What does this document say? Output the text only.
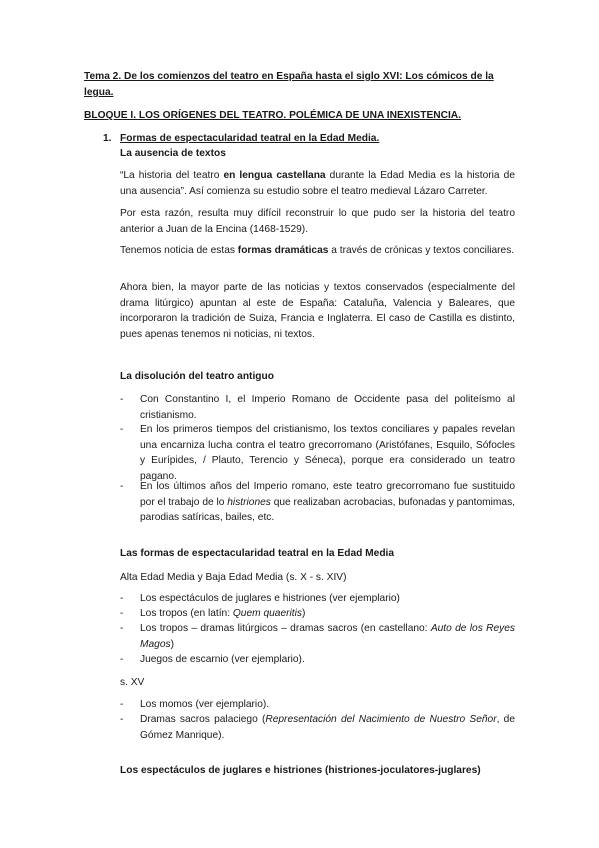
Tema 2. De los comienzos del teatro en España hasta el siglo XVI: Los cómicos de la
legua.
BLOQUE I. LOS ORÍGENES DEL TEATRO. POLÉMICA DE UNA INEXISTENCIA.
1. Formas de espectacularidad teatral en la Edad Media.
La ausencia de textos
“La historia del teatro en lengua castellana durante la Edad Media es la historia de una ausencia”. Así comienza su estudio sobre el teatro medieval Lázaro Carreter.
Por esta razón, resulta muy difícil reconstruir lo que pudo ser la historia del teatro anterior a Juan de la Encina (1468-1529).
Tenemos noticia de estas formas dramáticas a través de crónicas y textos conciliares.
Ahora bien, la mayor parte de las noticias y textos conservados (especialmente del drama litúrgico) apuntan al este de España: Cataluña, Valencia y Baleares, que incorporaron la tradición de Suiza, Francia e Inglaterra. El caso de Castilla es distinto, pues apenas tenemos ni noticias, ni textos.
La disolución del teatro antiguo
- Con Constantino I, el Imperio Romano de Occidente pasa del politeísmo al cristianismo.
- En los primeros tiempos del cristianismo, los textos conciliares y papales revelan una encarniza lucha contra el teatro grecorromano (Aristófanes, Esquilo, Sófocles y Eurípides, / Plauto, Terencio y Séneca), porque era considerado un teatro pagano.
- En los últimos años del Imperio romano, este teatro grecorromano fue sustituido por el trabajo de lo histriones que realizaban acrobacias, bufonadas y pantomimas, parodias satíricas, bailes, etc.
Las formas de espectacularidad teatral en la Edad Media
Alta Edad Media y Baja Edad Media (s. X - s. XIV)
- Los espectáculos de juglares e histriones (ver ejemplario)
- Los tropos (en latín: Quem quaeritis)
- Los tropos – dramas litúrgicos – dramas sacros (en castellano: Auto de los Reyes Magos)
- Juegos de escarnio (ver ejemplario).
s. XV
- Los momos (ver ejemplario).
- Dramas sacros palaciego (Representación del Nacimiento de Nuestro Señor, de Gómez Manrique).
Los espectáculos de juglares e histriones (histriones-joculatores-juglares)
